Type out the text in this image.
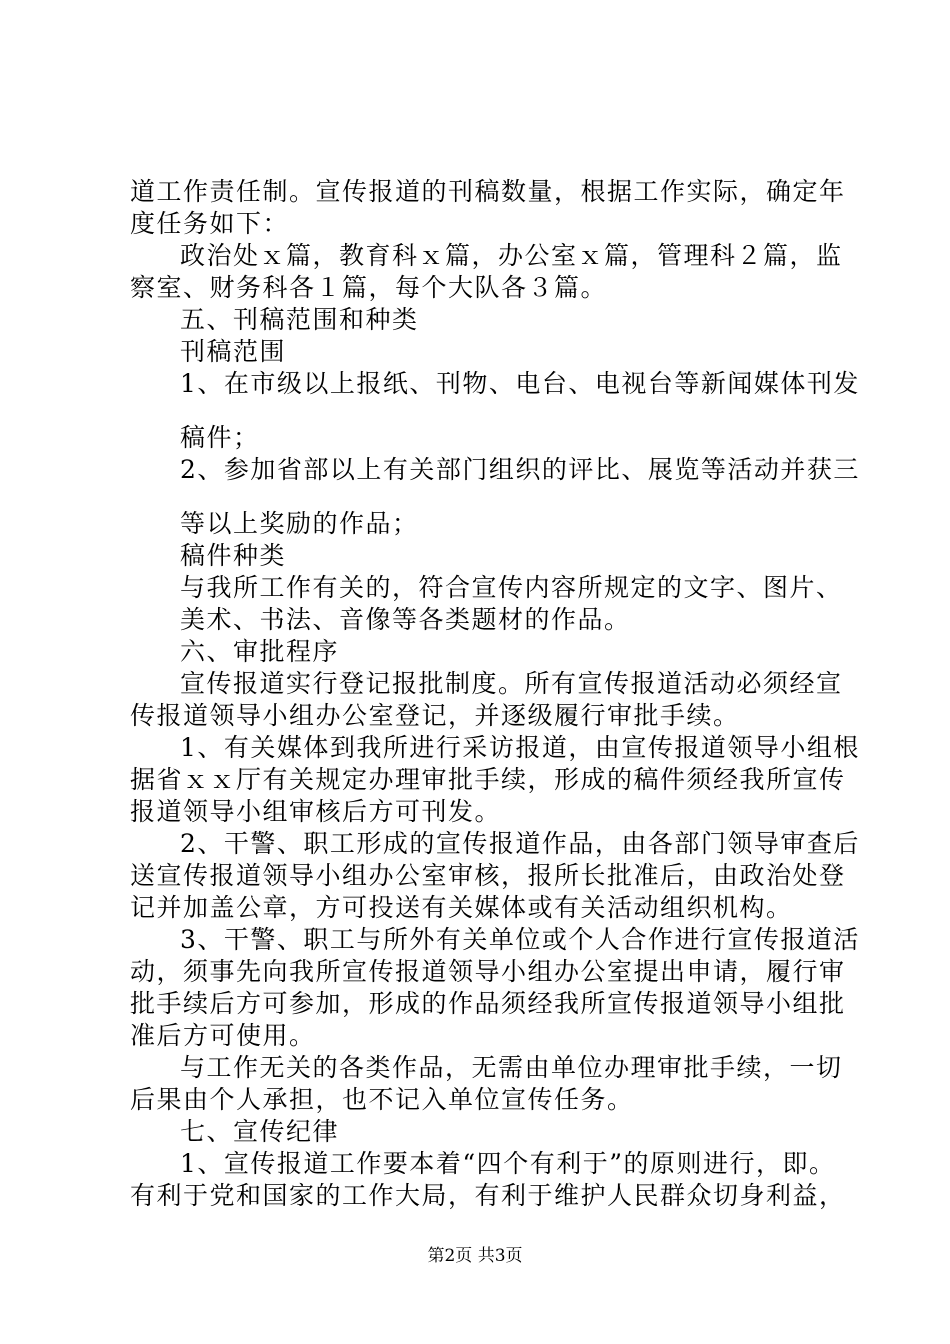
道工作责任制。宣传报道的刊稿数量，根据工作实际，确定年

度任务如下：

政治处ｘ篇，教育科ｘ篇，办公室ｘ篇，管理科２篇，监

察室、财务科各１篇，每个大队各３篇。

五、刊稿范围和种类

刊稿范围

1、在市级以上报纸、刊物、电台、电视台等新闻媒体刊发

稿件；

2、参加省部以上有关部门组织的评比、展览等活动并获三

等以上奖励的作品；

稿件种类

与我所工作有关的，符合宣传内容所规定的文字、图片、

美术、书法、音像等各类题材的作品。

六、审批程序

宣传报道实行登记报批制度。所有宣传报道活动必须经宣

传报道领导小组办公室登记，并逐级履行审批手续。

1、有关媒体到我所进行采访报道，由宣传报道领导小组根

据省ｘｘ厅有关规定办理审批手续，形成的稿件须经我所宣传

报道领导小组审核后方可刊发。

2、干警、职工形成的宣传报道作品，由各部门领导审查后

送宣传报道领导小组办公室审核，报所长批准后，由政治处登

记并加盖公章，方可投送有关媒体或有关活动组织机构。

3、干警、职工与所外有关单位或个人合作进行宣传报道活

动，须事先向我所宣传报道领导小组办公室提出申请，履行审

批手续后方可参加，形成的作品须经我所宣传报道领导小组批

准后方可使用。

与工作无关的各类作品，无需由单位办理审批手续，一切

后果由个人承担，也不记入单位宣传任务。

七、宣传纪律

1、宣传报道工作要本着“四个有利于”的原则进行，即。

有利于党和国家的工作大局，有利于维护人民群众切身利益，

第2页 共3页
